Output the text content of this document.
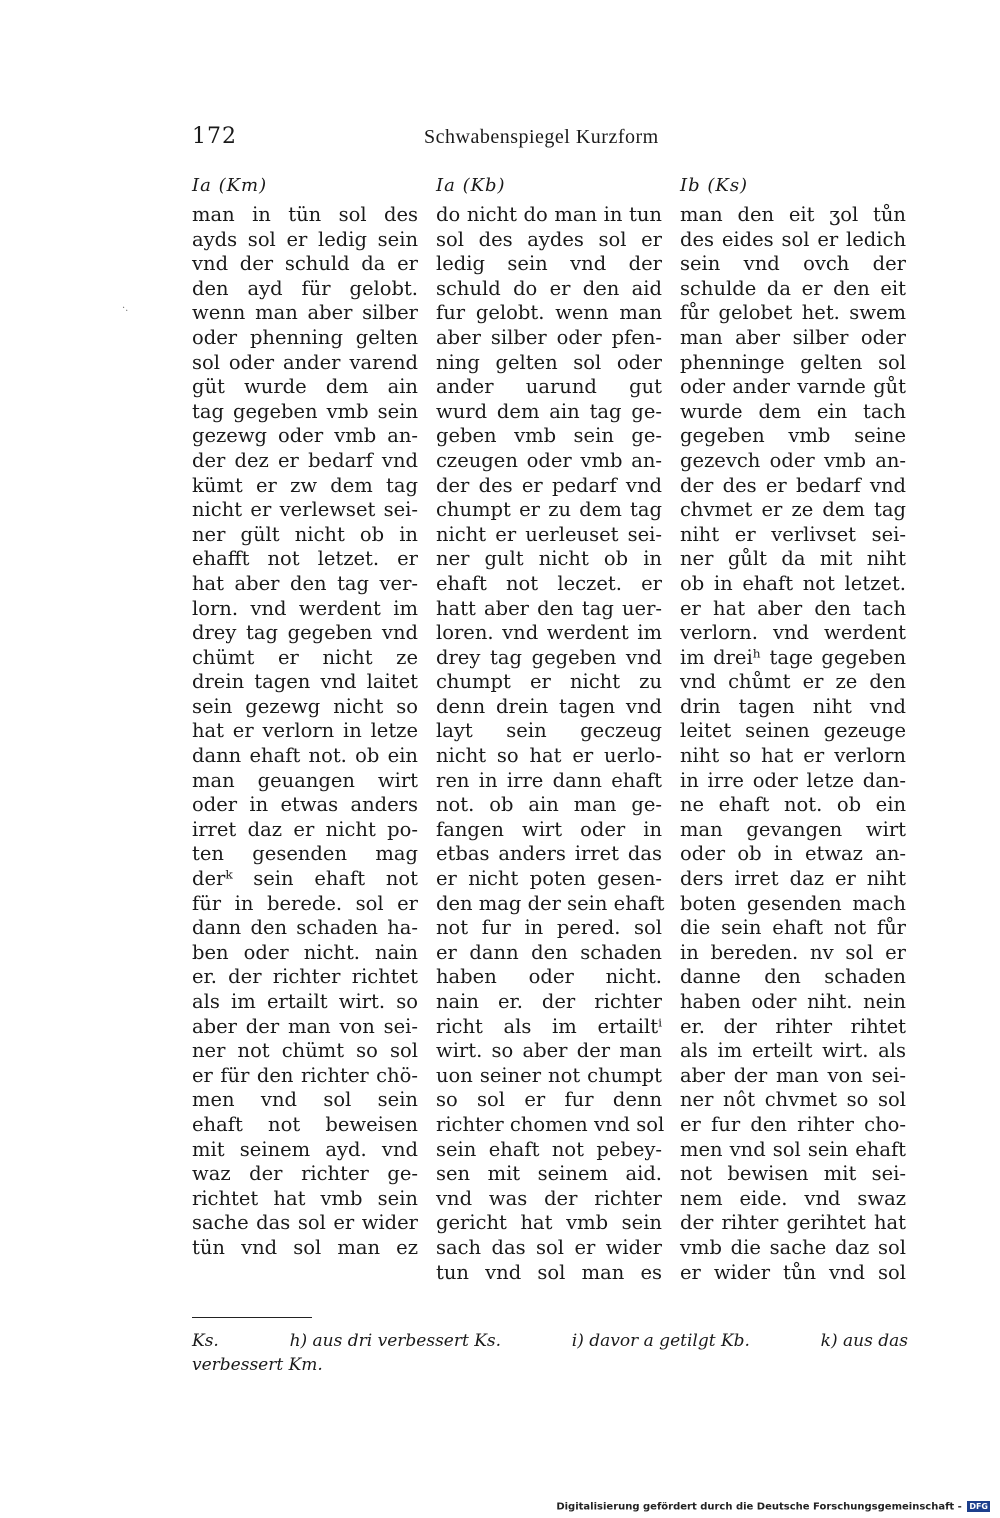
172	Schwabenspiegel Kurzform
·.
Ia (Km)	Ia (Kb)	Ib (Ks)
man in tün sol des
ayds sol er ledig sein
vnd der schuld da er
den ayd für gelobt.
wenn man aber silber
oder phenning gelten
sol oder ander varend
güt wurde dem ain
tag gegeben vmb sein
gezewg oder vmb an-
der dez er bedarf vnd
kümt er zw dem tag
nicht er verlewset sei-
ner gült nicht ob in
ehafft not letzet. er
hat aber den tag ver-
lorn. vnd werdent im
drey tag gegeben vnd
chümt er nicht ze
drein tagen vnd laitet
sein gezewg nicht so
hat er verlorn in letze
dann ehaft not. ob ein
man geuangen wirt
oder in etwas anders
irret daz er nicht po-
ten gesenden mag
derᵏ sein ehaft not
für in berede. sol er
dann den schaden ha-
ben oder nicht. nain
er. der richter richtet
als im ertailt wirt. so
aber der man von sei-
ner not chümt so sol
er für den richter chö-
men vnd sol sein
ehaft not beweisen
mit seinem ayd. vnd
waz der richter ge-
richtet hat vmb sein
sache das sol er wider
tün vnd sol man ez
do nicht do man in tun
sol des aydes sol er
ledig sein vnd der
schuld do er den aid
fur gelobt. wenn man
aber silber oder pfen-
ning gelten sol oder
ander uarund gut
wurd dem ain tag ge-
geben vmb sein ge-
czeugen oder vmb an-
der des er pedarf vnd
chumpt er zu dem tag
nicht er uerleuset sei-
ner gult nicht ob in
ehaft not leczet. er
hatt aber den tag uer-
loren. vnd werdent im
drey tag gegeben vnd
chumpt er nicht zu
denn drein tagen vnd
layt sein geczeug
nicht so hat er uerlo-
ren in irre dann ehaft
not. ob ain man ge-
fangen wirt oder in
etbas anders irret das
er nicht poten gesen-
den mag der sein ehaft
not fur in pered. sol
er dann den schaden
haben oder nicht.
nain er. der richter
richt als im ertailtⁱ
wirt. so aber der man
uon seiner not chumpt
so sol er fur denn
richter chomen vnd sol
sein ehaft not pebey-
sen mit seinem aid.
vnd was der richter
gericht hat vmb sein
sach das sol er wider
tun vnd sol man es
man den eit ʒol tůn
des eides sol er ledich
sein vnd ovch der
schulde da er den eit
fůr gelobet het. swem
man aber silber oder
phenninge gelten sol
oder ander varnde gůt
wurde dem ein tach
gegeben vmb seine
gezevch oder vmb an-
der des er bedarf vnd
chvmet er ze dem tag
niht er verlivset sei-
ner gůlt da mit niht
ob in ehaft not letzet.
er hat aber den tach
verlorn. vnd werdent
im dreiʰ tage gegeben
vnd chůmt er ze den
drin tagen niht vnd
leitet seinen gezeuge
niht so hat er verlorn
in irre oder letze dan-
ne ehaft not. ob ein
man gevangen wirt
oder ob in etwaz an-
ders irret daz er niht
boten gesenden mach
die sein ehaft not fůr
in bereden. nv sol er
danne den schaden
haben oder niht. nein
er. der rihter rihtet
als im erteilt wirt. als
aber der man von sei-
ner nôt chvmet so sol
er fur den rihter cho-
men vnd sol sein ehaft
not bewisen mit sei-
nem eide. vnd swaz
der rihter gerihtet hat
vmb die sache daz sol
er wider tůn vnd sol
Ks.	h) aus dri verbessert Ks.	i) davor a getilgt Kb.	k) aus das
verbessert Km.
Digitalisierung gefördert durch die Deutsche Forschungsgemeinschaft - DFG
